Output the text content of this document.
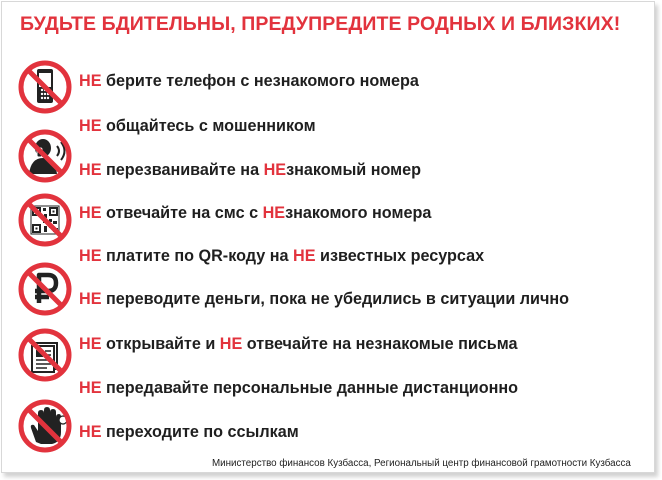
БУДЬТЕ БДИТЕЛЬНЫ, ПРЕДУПРЕДИТЕ РОДНЫХ И БЛИЗКИХ!
НЕ берите телефон с незнакомого номера
НЕ общайтесь с мошенником
НЕ перезванивайте на НЕзнакомый номер
НЕ отвечайте на смс с НЕзнакомого номера
НЕ платите по QR-коду на НЕ известных ресурсах
НЕ переводите деньги, пока не убедились в ситуации лично
НЕ открывайте и НЕ отвечайте на незнакомые письма
НЕ передавайте персональные данные дистанционно
НЕ переходите по ссылкам
Министерство финансов Кузбасса, Региональный центр финансовой грамотности Кузбасса
